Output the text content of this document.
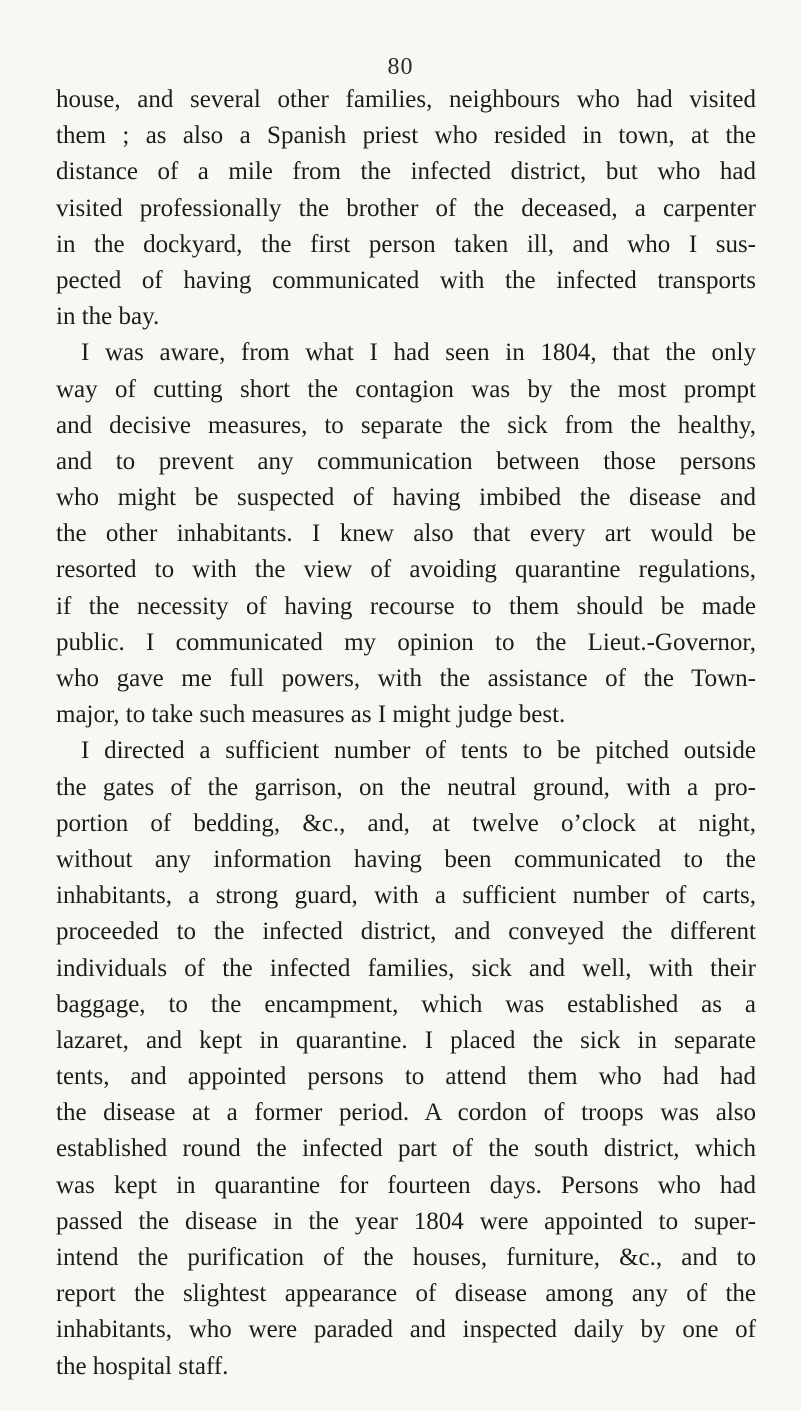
80
house, and several other families, neighbours who had visited
them ; as also a Spanish priest who resided in town, at the
distance of a mile from the infected district, but who had
visited professionally the brother of the deceased, a carpenter
in the dockyard, the first person taken ill, and who I sus-
pected of having communicated with the infected transports
in the bay.
I was aware, from what I had seen in 1804, that the only
way of cutting short the contagion was by the most prompt
and decisive measures, to separate the sick from the healthy,
and to prevent any communication between those persons
who might be suspected of having imbibed the disease and
the other inhabitants. I knew also that every art would be
resorted to with the view of avoiding quarantine regulations,
if the necessity of having recourse to them should be made
public. I communicated my opinion to the Lieut.-Governor,
who gave me full powers, with the assistance of the Town-
major, to take such measures as I might judge best.
I directed a sufficient number of tents to be pitched outside
the gates of the garrison, on the neutral ground, with a pro-
portion of bedding, &c., and, at twelve o’clock at night,
without any information having been communicated to the
inhabitants, a strong guard, with a sufficient number of carts,
proceeded to the infected district, and conveyed the different
individuals of the infected families, sick and well, with their
baggage, to the encampment, which was established as a
lazaret, and kept in quarantine. I placed the sick in separate
tents, and appointed persons to attend them who had had
the disease at a former period. A cordon of troops was also
established round the infected part of the south district, which
was kept in quarantine for fourteen days. Persons who had
passed the disease in the year 1804 were appointed to super-
intend the purification of the houses, furniture, &c., and to
report the slightest appearance of disease among any of the
inhabitants, who were paraded and inspected daily by one of
the hospital staff.
